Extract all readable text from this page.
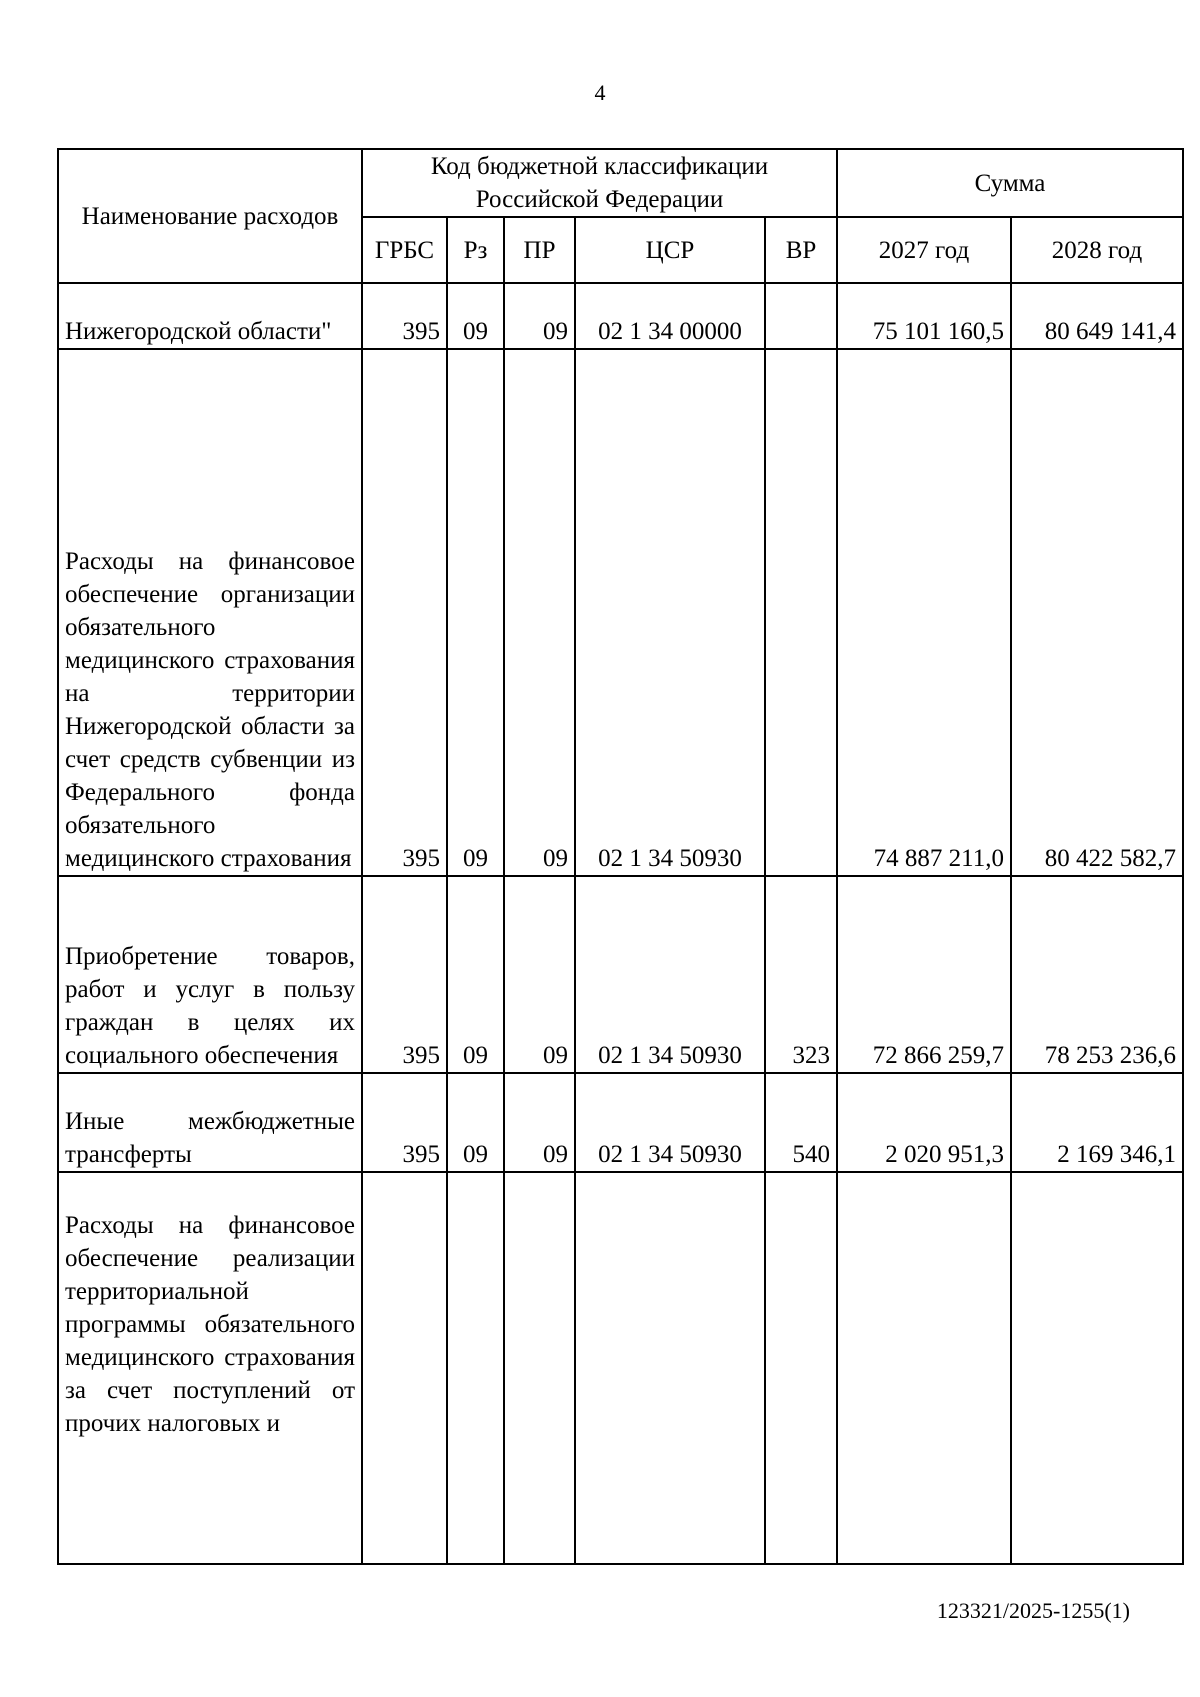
4
Наименование расходов	Код бюджетной классификации Российской Федерации					Сумма	
	ГРБС	Рз	ПР	ЦСР	ВР	2027 год	2028 год
Нижегородской области"	395	09	09	02 1 34 00000		75 101 160,5	80 649 141,4
Расходы на финансовое обеспечение организации обязательного медицинского страхования на территории Нижегородской области за счет средств субвенции из Федерального фонда обязательного медицинского страхования	395	09	09	02 1 34 50930		74 887 211,0	80 422 582,7
Приобретение товаров, работ и услуг в пользу граждан в целях их социального обеспечения	395	09	09	02 1 34 50930	323	72 866 259,7	78 253 236,6
Иные межбюджетные трансферты	395	09	09	02 1 34 50930	540	2 020 951,3	2 169 346,1
Расходы на финансовое обеспечение реализации территориальной программы обязательного медицинского страхования за счет поступлений от прочих налоговых и							
123321/2025-1255(1)
